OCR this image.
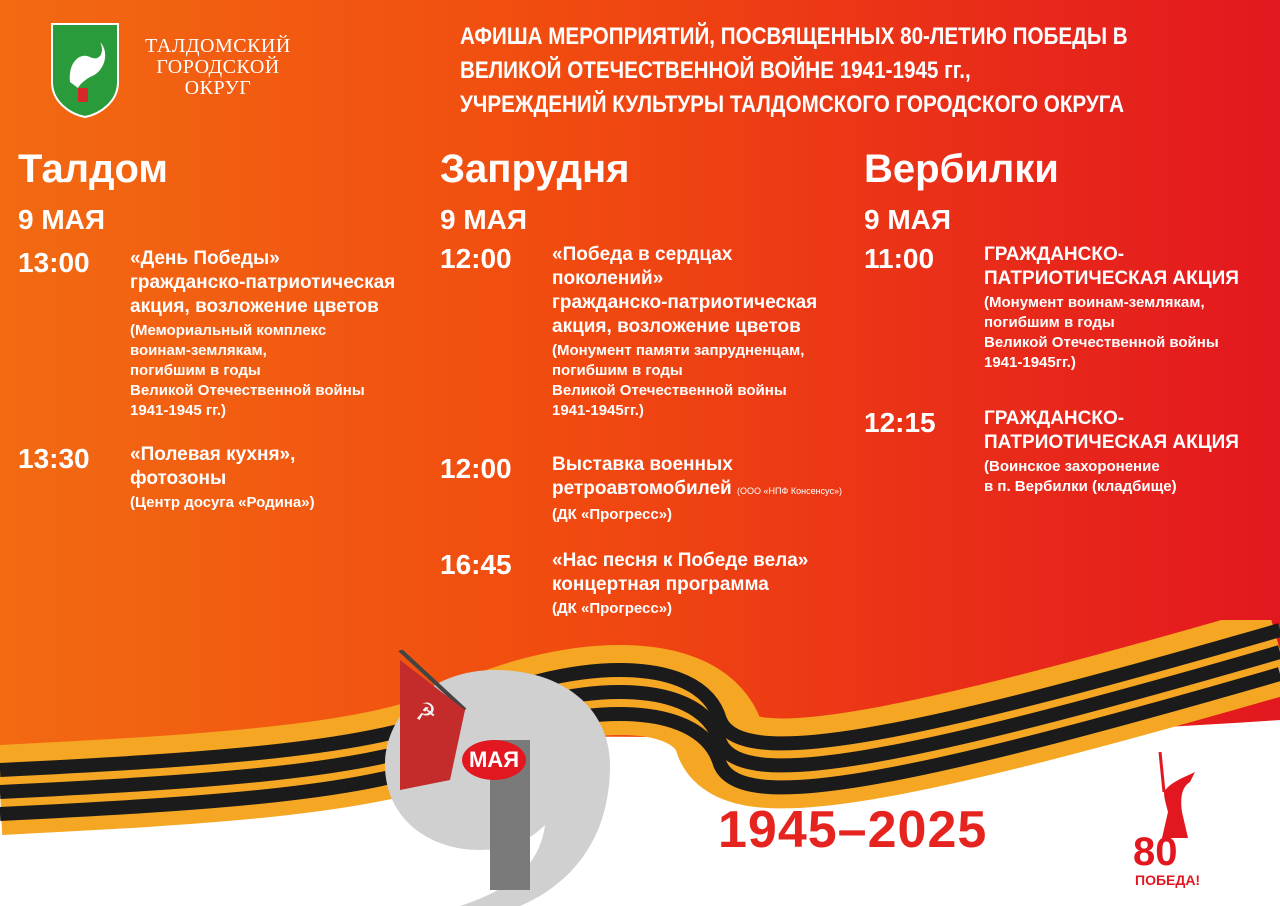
☭
МАЯ
ТАЛДОМСКИЙ
ГОРОДСКОЙ
ОКРУГ
АФИША МЕРОПРИЯТИЙ, ПОСВЯЩЕННЫХ 80-ЛЕТИЮ ПОБЕДЫ В
ВЕЛИКОЙ ОТЕЧЕСТВЕННОЙ ВОЙНЕ 1941-1945 гг.,
УЧРЕЖДЕНИЙ КУЛЬТУРЫ ТАЛДОМСКОГО ГОРОДСКОГО ОКРУГА
Талдом
9 МАЯ
13:00 «День Победы»
гражданско-патриотическая
акция, возложение цветов
(Мемориальный комплекс
воинам-землякам,
погибшим в годы
Великой Отечественной войны
1941-1945 гг.)
13:30 «Полевая кухня»,
фотозоны
(Центр досуга «Родина»)
Запрудня
9 МАЯ
12:00 «Победа в сердцах
поколений»
гражданско-патриотическая
акция, возложение цветов
(Монумент памяти запрудненцам,
погибшим в годы
Великой Отечественной войны
1941-1945гг.)
12:00 Выставка военных
ретроавтомобилей (ООО «НПФ Консенсус»)
(ДК «Прогресс»)
16:45 «Нас песня к Победе вела»
концертная программа
(ДК «Прогресс»)
Вербилки
9 МАЯ
11:00	ГРАЖДАНСКО-
ПАТРИОТИЧЕСКАЯ АКЦИЯ
(Монумент воинам-землякам,
погибшим в годы
Великой Отечественной войны
1941-1945гг.)
12:15	ГРАЖДАНСКО-
ПАТРИОТИЧЕСКАЯ АКЦИЯ
(Воинское захоронение
в п. Вербилки (кладбище)
1945–2025	80
ПОБЕДА!
